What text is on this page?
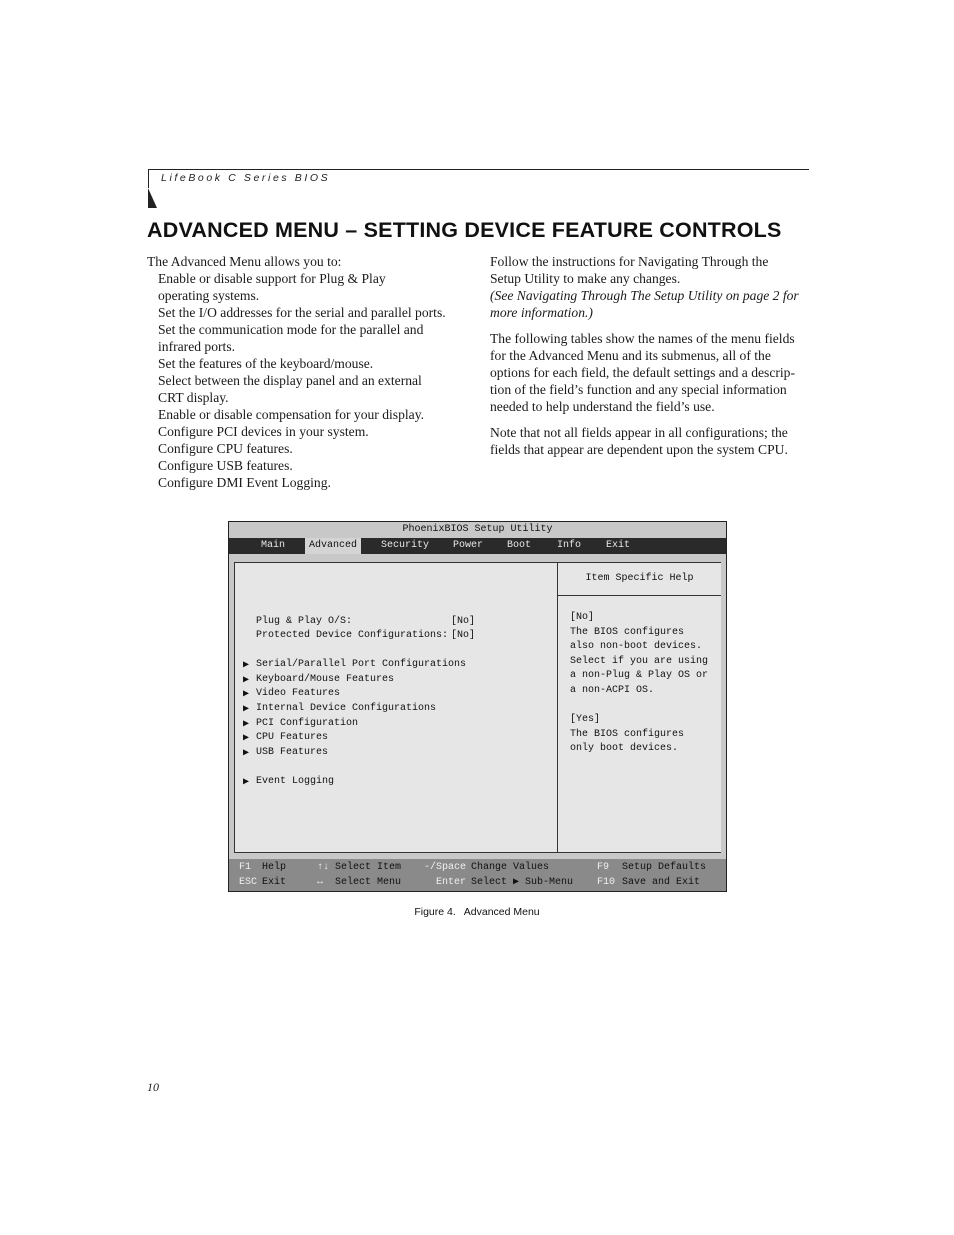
LifeBook C Series BIOS
ADVANCED MENU – SETTING DEVICE FEATURE CONTROLS
The Advanced Menu allows you to:
Enable or disable support for Plug & Play
operating systems.
Set the I/O addresses for the serial and parallel ports.
Set the communication mode for the parallel and
infrared ports.
Set the features of the keyboard/mouse.
Select between the display panel and an external
CRT display.
Enable or disable compensation for your display.
Configure PCI devices in your system.
Configure CPU features.
Configure USB features.
Configure DMI Event Logging.
Follow the instructions for Navigating Through the
Setup Utility to make any changes.

(See Navigating Through The Setup Utility on page 2 for
more information.)

The following tables show the names of the menu fields
for the Advanced Menu and its submenus, all of the
options for each field, the default settings and a descrip-
tion of the field’s function and any special information
needed to help understand the field’s use.

Note that not all fields appear in all configurations; the
fields that appear are dependent upon the system CPU.

PhoenixBIOS Setup Utility
Main	Advanced	Security Power Boot	Info Exit
Plug & Play O/S:	[No]
Protected Device Configurations: [No]
▶ Serial/Parallel Port Configurations
▶ Keyboard/Mouse Features
▶ Video Features
▶ Internal Device Configurations
▶ PCI Configuration
▶ CPU Features
▶ USB Features
▶ Event Logging
Item Specific Help
[No]
The BIOS configures
also non-boot devices.
Select if you are using
a non-Plug & Play OS or
a non-ACPI OS.
[Yes]
The BIOS configures
only boot devices.
F1 Help
ESC Exit
↑↓ Select Item
↔ Select Menu
-/Space Change Values
Enter Select ▶ Sub-Menu
F9 Setup Defaults
F10 Save and Exit
Figure 4. Advanced Menu
10
